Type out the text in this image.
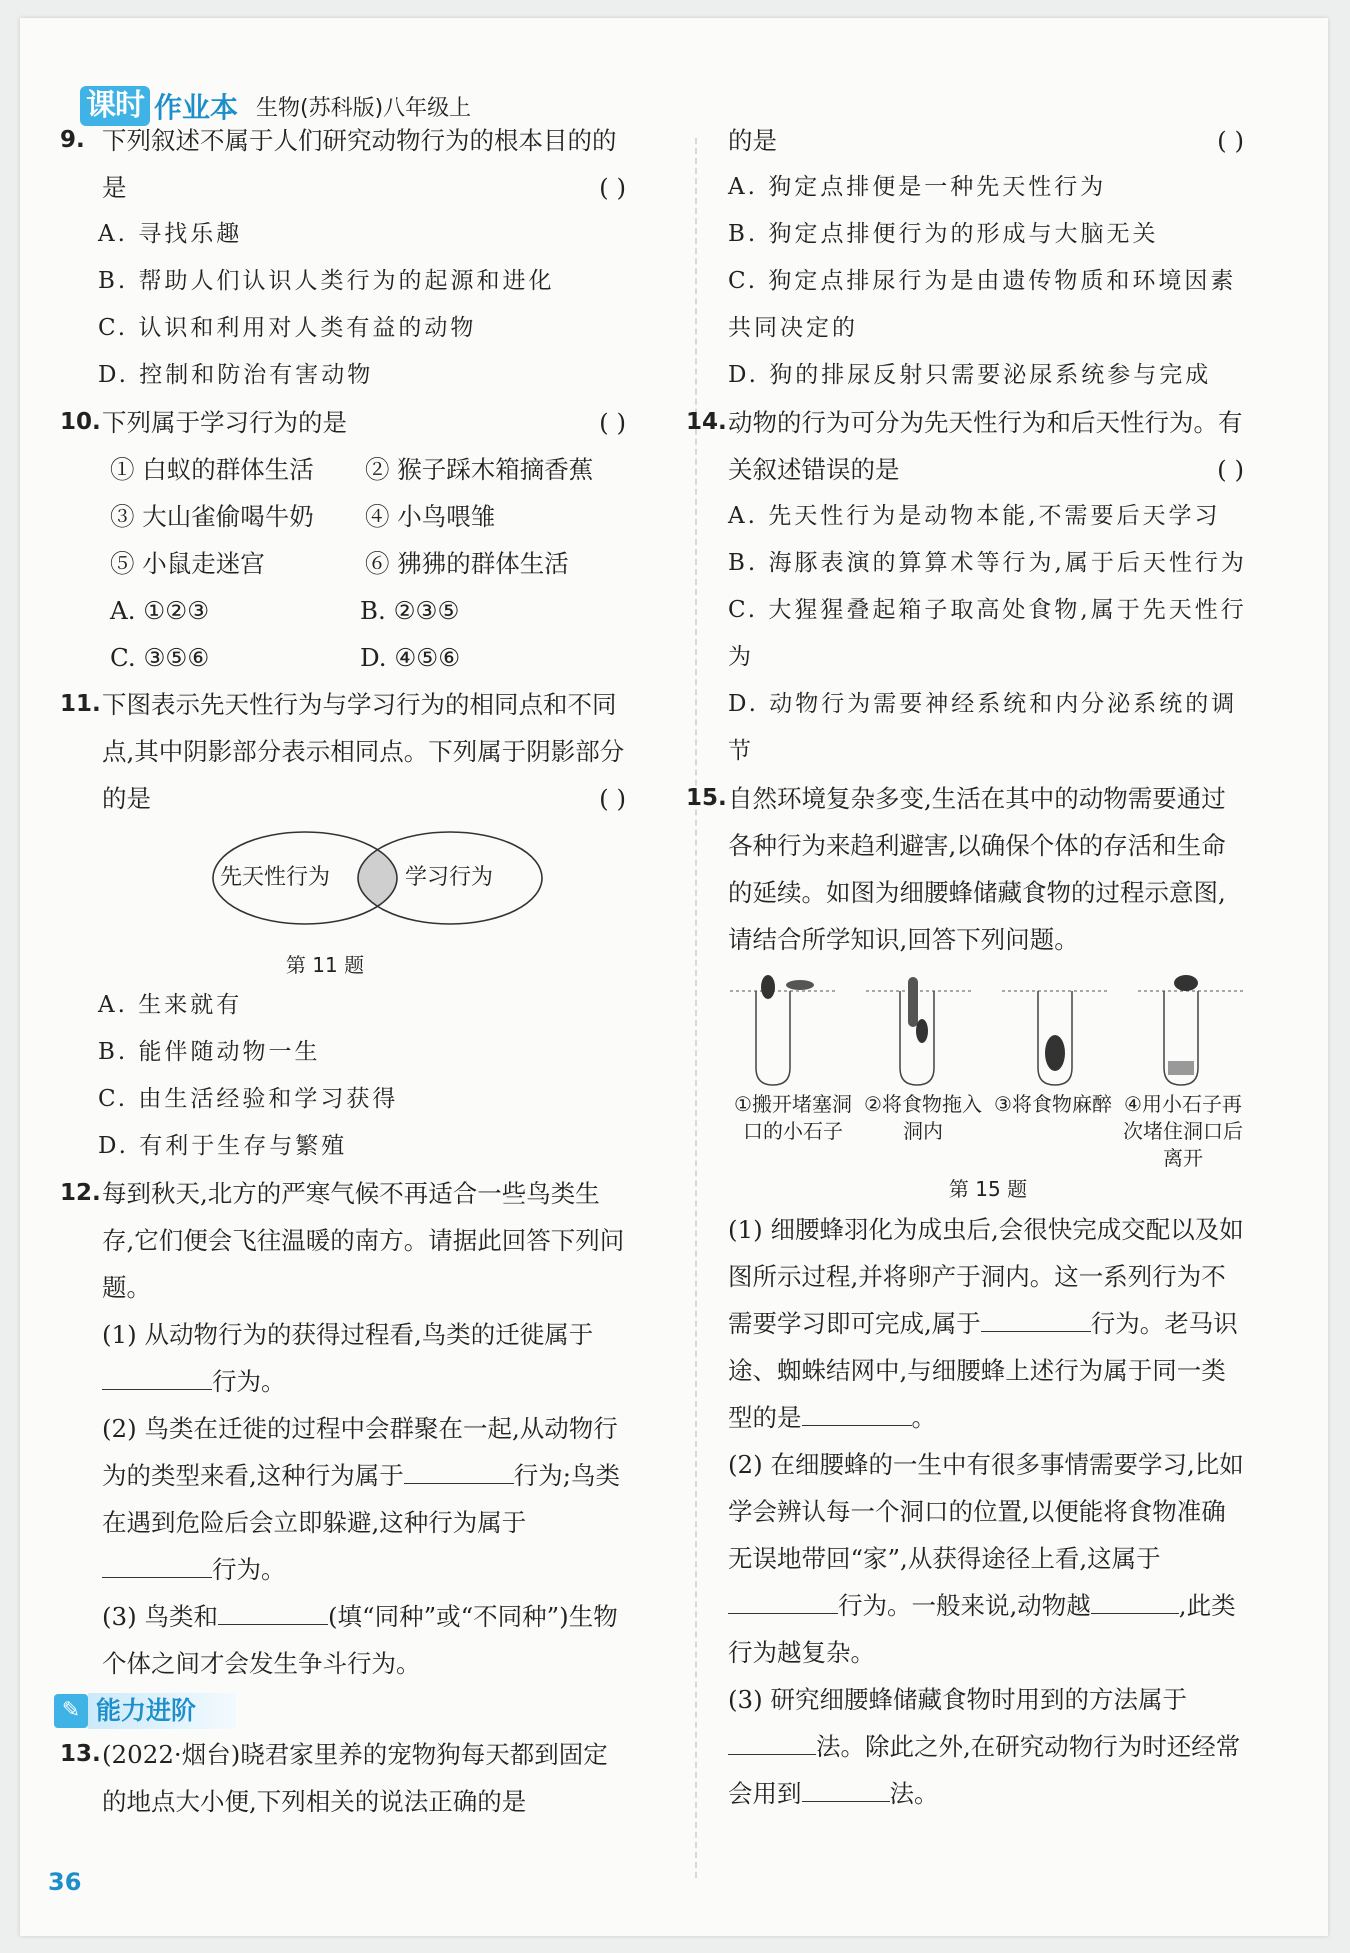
课时 作业本 生物(苏科版)八年级上
9. 下列叙述不属于人们研究动物行为的根本目的的是	( )
A. 寻找乐趣
B. 帮助人们认识人类行为的起源和进化
C. 认识和利用对人类有益的动物
D. 控制和防治有害动物
10. 下列属于学习行为的是	( )
① 白蚁的群体生活	② 猴子踩木箱摘香蕉
③ 大山雀偷喝牛奶	④ 小鸟喂雏
⑤ 小鼠走迷宫	⑥ 狒狒的群体生活
A. ①②③	B. ②③⑤
C. ③⑤⑥	D. ④⑤⑥
11. 下图表示先天性行为与学习行为的相同点和不同点,其中阴影部分表示相同点。下列属于阴影部分的是	( )
先天性行为	学习行为
第 11 题
A. 生来就有
B. 能伴随动物一生
C. 由生活经验和学习获得
D. 有利于生存与繁殖
12. 每到秋天,北方的严寒气候不再适合一些鸟类生存,它们便会飞往温暖的南方。请据此回答下列问题。
(1) 从动物行为的获得过程看,鸟类的迁徙属于行为。
(2) 鸟类在迁徙的过程中会群聚在一起,从动物行为的类型来看,这种行为属于	行为;鸟类在遇到危险后会立即躲避,这种行为属于行为。
(3) 鸟类和	(填“同种”或“不同种”)生物个体之间才会发生争斗行为。
✎ 能力进阶
13. (2022·烟台)晓君家里养的宠物狗每天都到固定的地点大小便,下列相关的说法正确的是
的是	( )
A. 狗定点排便是一种先天性行为
B. 狗定点排便行为的形成与大脑无关
C. 狗定点排尿行为是由遗传物质和环境因素共同决定的
D. 狗的排尿反射只需要泌尿系统参与完成
14. 动物的行为可分为先天性行为和后天性行为。有关叙述错误的是	( )
A. 先天性行为是动物本能,不需要后天学习
B. 海豚表演的算算术等行为,属于后天性行为
C. 大猩猩叠起箱子取高处食物,属于先天性行为
D. 动物行为需要神经系统和内分泌系统的调节
15. 自然环境复杂多变,生活在其中的动物需要通过各种行为来趋利避害,以确保个体的存活和生命的延续。如图为细腰蜂储藏食物的过程示意图,请结合所学知识,回答下列问题。
①搬开堵塞洞口的小石子
②将食物拖入洞内
③将食物麻醉 ④用小石子再次堵住洞口后离开
第 15 题
(1) 细腰蜂羽化为成虫后,会很快完成交配以及如图所示过程,并将卵产于洞内。这一系列行为不需要学习即可完成,属于	行为。老马识途、蜘蛛结网中,与细腰蜂上述行为属于同一类型的是	。
(2) 在细腰蜂的一生中有很多事情需要学习,比如学会辨认每一个洞口的位置,以便能将食物准确无误地带回“家”,从获得途径上看,这属于行为。一般来说,动物越	,此类行为越复杂。
(3) 研究细腰蜂储藏食物时用到的方法属于法。除此之外,在研究动物行为时还经常会用到	法。
36
